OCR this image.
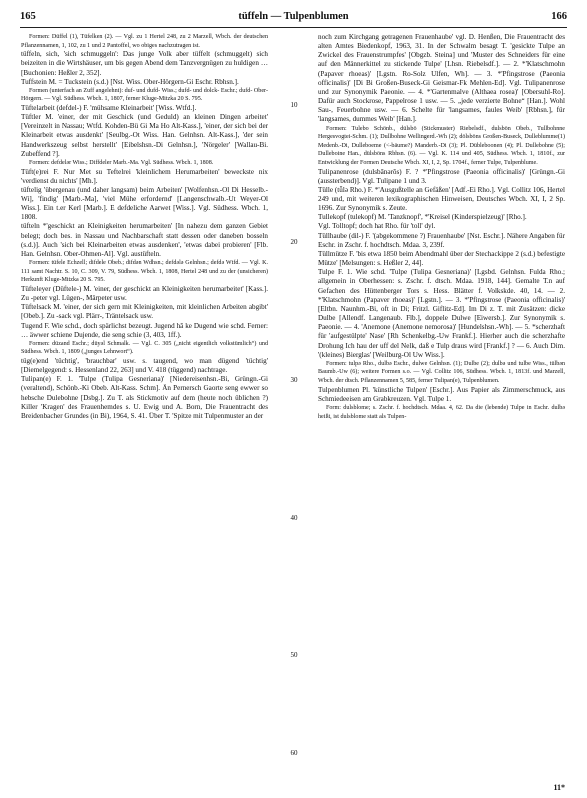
165	tüffeln — Tulpenblumen	166

Formen: Düffel (1), Tüfelken (2). — Vgl. zu 1 Hertel 248, zu 2 Marzell, Wbch. der deutschen Pflanzennamen, 1, 102, zu 1 und 2 Pantoffel, wo obiges nachzutragen ist.

tüffeln, sich, 'sich schmuggeln': Das junge Volk aber tüffelt (schmuggelt) sich beizeiten in die Wirtshäuser, um bis gegen Abend dem Tanzvergnügen zu huldigen … [Buchonien: Heßler 2, 352].

Tuffstein M. = Tuckstein (s.d.) [Nst. Wiss. Ober-Hörgern-Gi Eschr. Rbhsn.].

Formen (unterfach an Zuff angelehnt): duf- und dufd- Wiss.; dufd- und dolck- Eschr.; dufd- Ober-Hörgern. — Vgl. Südhess. Wbch. 1, 1807, ferner Kluge-Mitzka 20 S. 795.

Tüftelarbeit (defdel-) F. 'mühsame Kleinarbeit' [Wiss. Wtfd.].

Tüftler M. 'einer, der mit Geschick (und Geduld) an kleinen Dingen arbeitet' [Vereinzelt in Nassau; Wtfd. Kohden-Bü Gi Ma Ho Alt-Kass.], 'einer, der sich bei der Kleinarbeit etwas ausdenkt' [Seulbg.-Ot Wiss. Han. Gelnhsn. Alt-Kass.], 'der sein Handwerkszeug selbst herstellt' [Eibelshsn.-Di Gelnhsn.], 'Nörgeler' [Wallau-Bi. Zubeffend ?].

Formen: defdelər Wiss.; Diffdeler Marb.-Ma. Vgl. Südhess. Wbch. 1, 1808.

Tüft(e)rei F. Nur Met su Teftelrei 'kleinlichem Herumarbeiten' beweckste nix 'verdienst du nichts' [Mh.].

tüftelig 'übergenau (und daher langsam) beim Arbeiten' [Wolfenhsn.-Ol Di Hesselb.-Wi], 'findig' [Marb.-Ma], 'viel Mühe erfordernd' [Langenschwalb.-Ut Weyer-Ol Wiss.]. Ein t.er Kerl [Marb.]. E defdeliche Aarwet [Wiss.]. Vgl. Südhess. Wbch. 1, 1808.

tüfteln *'geschickt an Kleinigkeiten herumarbeiten' [In nahezu dem ganzen Gebiet belegt; doch bes. in Nassau und Nachbarschaft statt dessen oder daneben bosseln (s.d.)]. Auch 'sich bei Kleinarbeiten etwas ausdenken', 'etwas dabei probieren' [Flb. Han. Gelnhsn. Ober-Ohmen-Al]. Vgl. austüfteln.

Formen: tüfele Echzell; difdele Obeb.; difdən Wdhsn.; defdələ Gelnhsn.; defdə Wtfd. — Vgl. K. 111 samt Nachtr. S. 10, C. 309, V. 79, Südhess. Wbch. 1, 1808, Hertel 248 und zu der (unsicheren) Herkunft Kluge-Mitzka 20 S. 795.

Tüfteleyer (Düftele-) M. 'einer, der geschickt an Kleinigkeiten herumarbeitet' [Kass.]. Zu -peter vgl. Lügen-, Märpeter usw.

Tüftelsack M. 'einer, der sich gern mit Kleinigkeiten, mit kleinlichen Arbeiten abgibt' [Obeb.]. Zu -sack vgl. Plärr-, Träntelsack usw.

Tugend F. Wie schd., doch spärlichst bezeugt. Jugend hā ke Dugend wie schd. Ferner: … äwwer schiene Dujende, die seng schie (3, 403, 1ff.).

Formen: düzand Eschr.; düyəl Schmalk. — Vgl. C. 305 („nicht eigentlich volkstümlich“) und Südhess. Wbch. 1, 1809 („junges Lehnwort“).

tüg(e)end 'tüchtig', 'brauchbar' usw. s. taugend, wo man dügend 'tüchtig' [Diemelgegend: s. Hessenland 22, 263] und V. 418 (tüggend) nachtrage.

Tulipan(e) F. 1. 'Tulpe (Tulipa Gesneriana)' [Niedereisenhsn.-Bi, Grüngn.-Gi (veraltend), Schönb.-Ki Obeb. Alt-Kass. Schm]. Än Pernersch Gaorte seng ewwer so hebsche Dulebohne [Dsbg.]. Zu T. als Stickmotiv auf dem (heute noch üblichen ?) Killer 'Kragen' des Frauenhemdes s. U. Ewig und A. Born, Die Frauentracht des Breidenbacher Grundes (in Bi), 1964, S. 41. Über T. 'Spitze mit Tulpenmuster an der

10
20
30
40
50
60

noch zum Kirchgang getragenen Frauenhaube' vgl. D. Henßen, Die Frauentracht des alten Amtes Biedenkopf, 1963, 31. In der Schwalm besagt T. 'gesickte Tulpe an Zwickel des Frauenstrumpfes' [Obgzb. Steina] und 'Muster des Schneiders für eine auf den Männerkittel zu stickende Tulpe' [Lhsn. Riebelsdf.]. — 2. *'Klatschmohn (Papaver rhoeas)' [Lgstn. Ro-Solz Ulfen, Wh]. — 3. *'Pfingstrose (Paeonia officinalis)' [Di Bi Großen-Buseck-Gi Geismar-Fk Mehlen-Ed]. Vgl. Tulipanenrose und zur Synonymik Paeonie. — 4. *'Gartenmalve (Althaea rosea)' [Obersuhl-Ro]. Dafür auch Stockrose, Pappelrose 1 usw. — 5. „jede verzierte Bohne“ [Han.]. Wohl Sau-, Feuerbohne usw. — 6. Schelte für 'langsames, faules Weib' [Rbhsn.], für 'langsames, dummes Weib' [Han.].

Formen: Tulebo Schönb., dülsbö (Stickmuster) Riebelsdf., dulsbōn Obeb., Tullbohnne Hergesvogtei-Schm. (1); Dullbohne Wellingerd.-Wh (2); dōlsbōns Großen-Buseck, Dulleblumme(1) Medenb.-Di, Dulleboeme (<-bäume?) Manderb.-Di (3); Pl. Dübleboonen (4); Pl. Dullebohne (5); Dulleboine Han., dülsbōns Rbhsn. (6). — Vgl. K. 114 und 405, Südhess. Wbch. 1, 1810f., zur Entwicklung der Formen Deutsche Wbch. XI, I, 2, Sp. 1704f., ferner Tulpe, Tulpenblume.

Tulipanenrose (dulsbānərōs) F. ? *'Pfingstrose (Paeonia officinalis)' [Grüngn.-Gi (aussterbend)]. Vgl. Tulipane 1 und 3.

Tülle (tǖlə Rho.) F. *'Ausgußtelle an Gefäßen' [Adf.-Ei Rho.]. Vgl. Collitz 106, Hertel 249 und, mit weiteren lexikographischen Hinweisen, Deutsches Wbch. XI, I, 2 Sp. 1696. Zur Synonymik s. Zeute.

Tullekopf (tulekopf) M. 'Tanzknopf', *'Kreisel (Kinderspielzeug)' [Rho.].

Vgl. Tolltopf; doch hat Rho. für 'toll' dyl.

Tüllhaube (dil-) F. '(abgekommene ?) Frauenhaube' [Nst. Eschr.]. Nähere Angaben für Eschr. in Zschr. f. hochdtsch. Mdaa. 3, 239f.

Tüllmütze F. 'bis etwa 1850 beim Abendmahl über der Stechackippe 2 (s.d.) befestigte Mütze' [Melsungen: s. Heßler 2, 44].

Tulpe F. 1. Wie schd. 'Tulpe (Tulipa Gesneriana)' [Lgsbd. Gelnhsn. Fulda Rho.; allgemein in Oberhessen: s. Zschr. f. dtsch. Mdaa. 1918, 144]. Gemalte T.n auf Gefachen des Hüttenberger Tors s. Hess. Blätter f. Volkskde. 40, 14. — 2. *'Klatschmohn (Papaver rhoeas)' [Lgstn.]. — 3. *'Pfingstrose (Paeonia officinalis)' [Eltbn. Naunhm.-Bi, oft in Di; Fritzl. Giflitz-Ed]. Im Di z. T. mit Zusätzen: dicke Dulbe [Allendf. Langenaub. Flb.], doppele Dulwe [Eiwersb.]. Zur Synonymik s. Paeonie. — 4. 'Anemone (Anemone nemorosa)' [Hundelshsn.-Wh]. — 5. *scherzhaft für 'aufgestülpte' Nase' [Rh Schenkelbg.-Uw Frankf.]. Hierher auch die scherzhafte Drohung Ich hau der uff del Nelk, daß e Tulp draus wird [Frankf.] ? — 6. Auch Dim. '(kleines) Bierglas' [Weilburg-Ol Uw Wiss.].

Formen: tulpə Rho., dulbə Eschr., dulwe Gelnhsn. (1); Dulbe (2); dulbə und tulbe Wiss., tülbən Baumb.-Uw (6); weitere Formen s.o. — Vgl. Collitz 106, Südhess. Wbch. 1, 1813f. und Marzell, Wbch. der dtsch. Pflanzennamen 5, 585, ferner Tulipan(e), Tulpenblumen.

Tulpenblumen Pl. 'künstliche Tulpen' [Eschr.]. Aus Papier als Zimmerschmuck, aus Schmiedeeisen am Grabkreuzen. Vgl. Tulpe 1.

Form: dulsblome; s. Zschr. f. hochdtsch. Mdaa. 4, 62. Da die (lebende) Tulpe in Eschr. dulbə heißt, ist dulsblome statt als Tulpen-

11*
